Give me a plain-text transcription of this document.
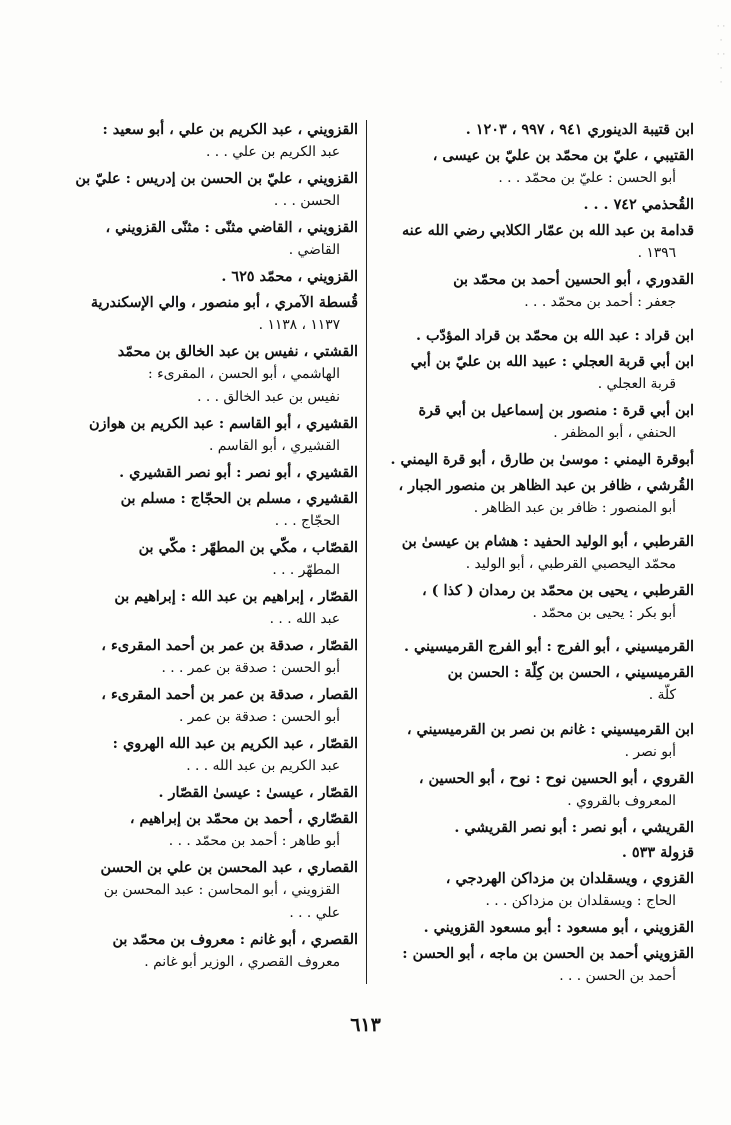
· ·
·
· ·
·
·
ابن قتيبة الدينوري ٩٤١ ، ٩٩٧ ، ١٢٠٣ .
القتيبي ، عليّ بن محمّد بن عليّ بن عيسى ،
أبو الحسن : عليّ بن محمّد . . .
القُحذمي ٧٤٢ . . .
قدامة بن عبد الله بن عمّار الكلابي رضي الله عنه
١٣٩٦ .
القدوري ، أبو الحسين أحمد بن محمّد بن
جعفر : أحمد بن محمّد . . .
ابن قراد : عبد الله بن محمّد بن قراد المؤدّب .
ابن أبي قربة العجلي : عبيد الله بن عليّ بن أبي
قربة العجلي .
ابن أبي قرة : منصور بن إسماعيل بن أبي قرة
الحنفي ، أبو المظفر .
أبوقرة اليمني : موسىٰ بن طارق ، أبو قرة اليمني .
القُرشي ، ظافر بن عبد الظاهر بن منصور الجبار ،
أبو المنصور : ظافر بن عبد الظاهر .
القرطبي ، أبو الوليد الحفيد : هشام بن عيسىٰ بن
محمّد اليحصبي القرطبي ، أبو الوليد .
القرطبي ، يحيى بن محمّد بن رمدان ( كذا ) ،
أبو بكر : يحيى بن محمّد .
القرميسيني ، أبو الفرج : أبو الفرج القرميسيني .
القرميسيني ، الحسن بن كِلّة : الحسن بن
كلّة .
ابن القرميسيني : غانم بن نصر بن القرميسيني ،
أبو نصر .
القروي ، أبو الحسين نوح : نوح ، أبو الحسين ،
المعروف بالقروي .
القريشي ، أبو نصر : أبو نصر القريشي .
قزولة ٥٣٣ .
القزوي ، ويسقلدان بن مزداكن الهردجي ،
الحاج : ويسقلدان بن مزداكن . . .
القزويني ، أبو مسعود : أبو مسعود القزويني .
القزويني أحمد بن الحسن بن ماجه ، أبو الحسن :
أحمد بن الحسن . . .
القزويني ، عبد الكريم بن علي ، أبو سعيد :
عبد الكريم بن علي . . .
القزويني ، عليّ بن الحسن بن إدريس : عليّ بن
الحسن . . .
القزويني ، القاضي مثنّى : مثنّى القزويني ،
القاضي .
القزويني ، محمّد ٦٢٥ .
قُسطة الآمري ، أبو منصور ، والي الإسكندرية
١١٣٧ ، ١١٣٨ .
القشتي ، نفيس بن عبد الخالق بن محمّد
الهاشمي ، أبو الحسن ، المقرىء :
نفيس بن عبد الخالق . . .
القشيري ، أبو القاسم : عبد الكريم بن هوازن
القشيري ، أبو القاسم .
القشيري ، أبو نصر : أبو نصر القشيري .
القشيري ، مسلم بن الحجّاج : مسلم بن
الحجّاج . . .
القصّاب ، مكّي بن المطهّر : مكّي بن
المطهّر . . .
القصّار ، إبراهيم بن عبد الله : إبراهيم بن
عبد الله . . .
القصّار ، صدقة بن عمر بن أحمد المقرىء ،
أبو الحسن : صدقة بن عمر . . .
القصار ، صدقة بن عمر بن أحمد المقرىء ،
أبو الحسن : صدقة بن عمر .
القصّار ، عبد الكريم بن عبد الله الهروي :
عبد الكريم بن عبد الله . . .
القصّار ، عيسىٰ : عيسىٰ القصّار .
القصّاري ، أحمد بن محمّد بن إبراهيم ،
أبو طاهر : أحمد بن محمّد . . .
القصاري ، عبد المحسن بن علي بن الحسن
القزويني ، أبو المحاسن : عبد المحسن بن
علي . . .
القصري ، أبو غانم : معروف بن محمّد بن
معروف القصري ، الوزير أبو غانم .
٦١٣
